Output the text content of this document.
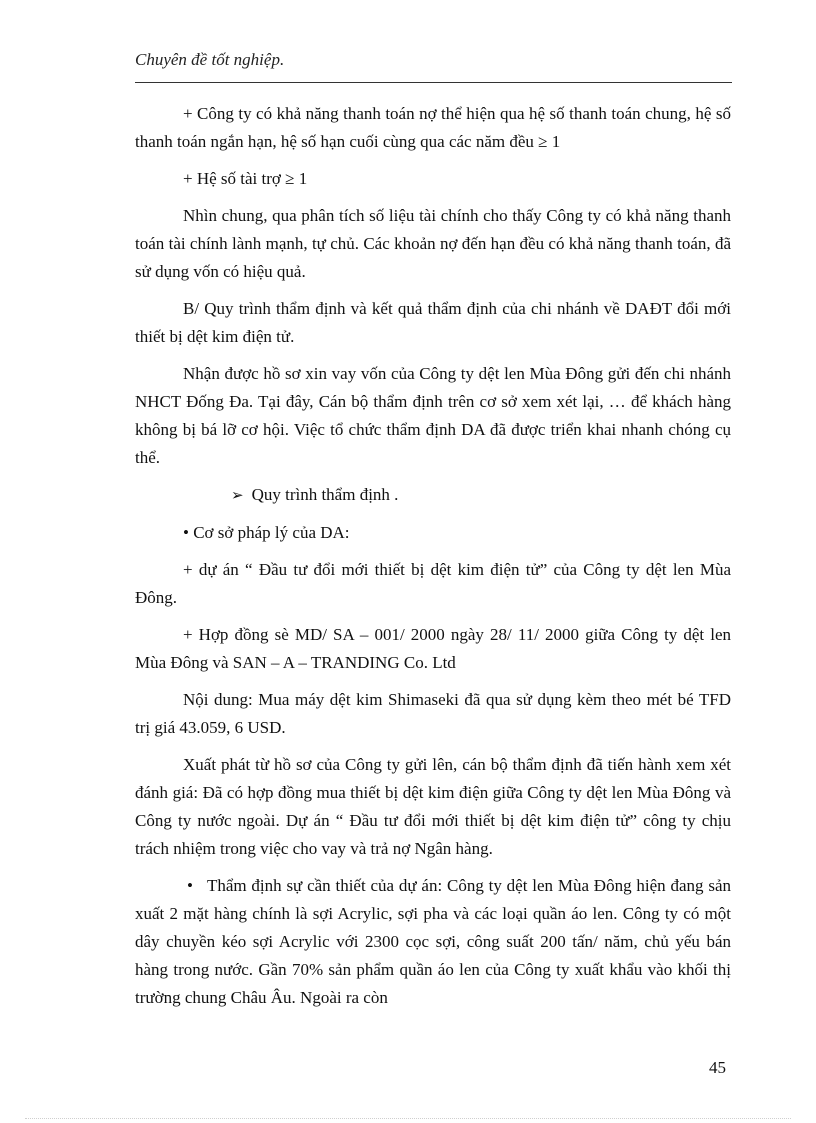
Chuyên đề tốt nghiệp.

+ Công ty có khả năng thanh toán nợ thể hiện qua hệ số thanh toán chung, hệ số thanh toán ngắn hạn, hệ số hạn cuối cùng qua các năm đều ≥ 1

+ Hệ số tài trợ ≥ 1

Nhìn chung, qua phân tích số liệu tài chính cho thấy Công ty có khả năng thanh toán tài chính lành mạnh, tự chủ. Các khoản nợ đến hạn đều có khả năng thanh toán, đã sử dụng vốn có hiệu quả.

B/ Quy trình thẩm định và kết quả thẩm định của chi nhánh về DAĐT đổi mới thiết bị dệt kim điện tử.

Nhận được hồ sơ xin vay vốn của Công ty dệt len Mùa Đông gửi đến chi nhánh NHCT Đống Đa. Tại đây, Cán bộ thẩm định trên cơ sở xem xét lại, … để khách hàng không bị bá lỡ cơ hội. Việc tổ chức thẩm định DA đã được triển khai nhanh chóng cụ thể.

➢ Quy trình thẩm định .

• Cơ sở pháp lý của DA:

+ dự án “ Đầu tư đổi mới thiết bị dệt kim điện tử” của Công ty dệt len Mùa Đông.

+ Hợp đồng sè MD/ SA – 001/ 2000 ngày 28/ 11/ 2000 giữa Công ty dệt len Mùa Đông và SAN – A – TRANDING Co. Ltd

Nội dung: Mua máy dệt kim Shimaseki đã qua sử dụng kèm theo mét bé TFD trị giá 43.059, 6 USD.

Xuất phát từ hồ sơ của Công ty gửi lên, cán bộ thẩm định đã tiến hành xem xét đánh giá: Đã có hợp đồng mua thiết bị dệt kim điện giữa Công ty dệt len Mùa Đông và Công ty nước ngoài. Dự án “ Đầu tư đổi mới thiết bị dệt kim điện tử” công ty chịu trách nhiệm trong việc cho vay và trả nợ Ngân hàng.

• Thẩm định sự cần thiết của dự án: Công ty dệt len Mùa Đông hiện đang sản xuất 2 mặt hàng chính là sợi Acrylic, sợi pha và các loại quần áo len. Công ty có một dây chuyền kéo sợi Acrylic với 2300 cọc sợi, công suất 200 tấn/ năm, chủ yếu bán hàng trong nước. Gần 70% sản phẩm quần áo len của Công ty xuất khẩu vào khối thị trường chung Châu Âu. Ngoài ra còn

45
